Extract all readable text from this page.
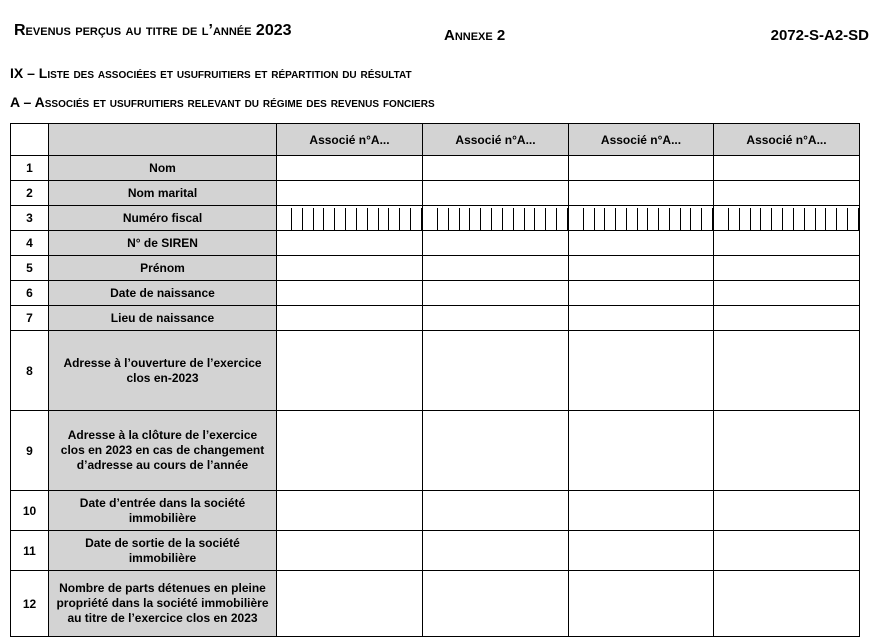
Revenus perçus au titre de l’année 2023	Annexe 2	2072-S-A2-SD
IX – Liste des associées et usufruitiers et répartition du résultat
A – Associés et usufruitiers relevant du régime des revenus fonciers
		Associé n°A...	Associé n°A...	Associé n°A...	Associé n°A...
1	Nom				
2	Nom marital				
3	Numéro fiscal	

4	N° de SIREN				
5	Prénom				
6	Date de naissance				
7	Lieu de naissance				
8	Adresse à l’ouverture de l’exercice clos en-2023				
9	Adresse à la clôture de l’exercice clos en 2023 en cas de changement d’adresse au cours de l’année				
10	Date d’entrée dans la société immobilière				
11	Date de sortie de la société immobilière				
12	Nombre de parts détenues en pleine propriété dans la société immobilière au titre de l’exercice clos en 2023				
